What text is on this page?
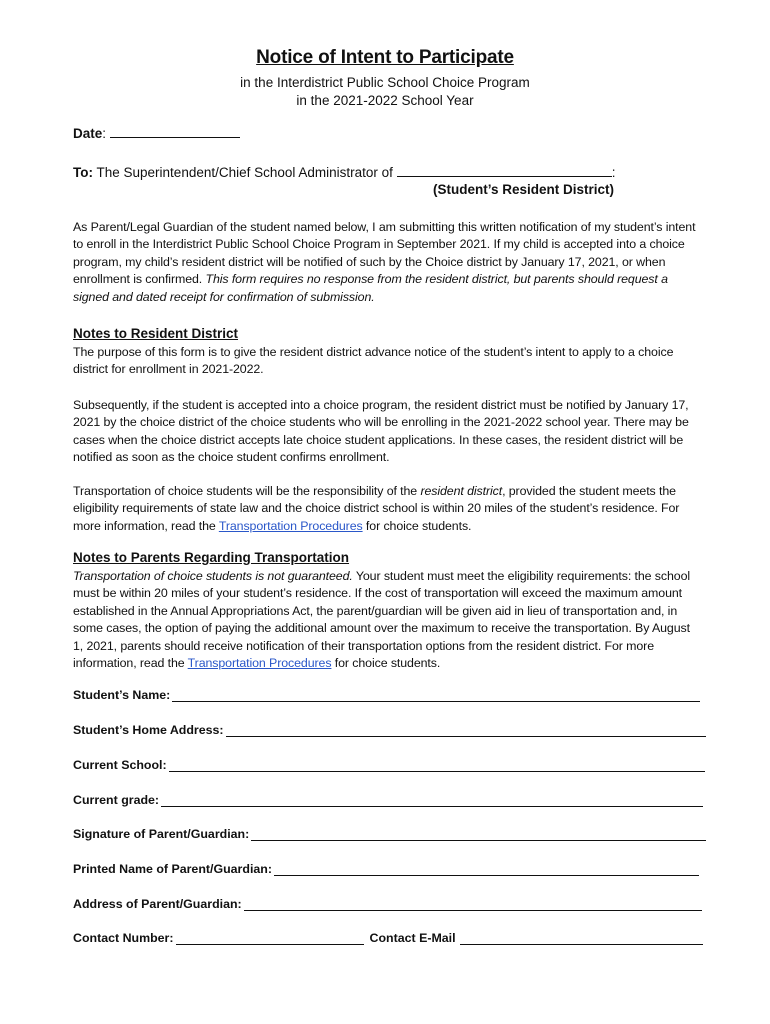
Notice of Intent to Participate
in the Interdistrict Public School Choice Program
in the 2021-2022 School Year
Date:
To: The Superintendent/Chief School Administrator of	:
(Student’s Resident District)
As Parent/Legal Guardian of the student named below, I am submitting this written notification of my student’s intent to enroll in the Interdistrict Public School Choice Program in September 2021. If my child is accepted into a choice program, my child’s resident district will be notified of such by the Choice district by January 17, 2021, or when enrollment is confirmed. This form requires no response from the resident district, but parents should request a signed and dated receipt for confirmation of submission.
Notes to Resident District
The purpose of this form is to give the resident district advance notice of the student’s intent to apply to a choice district for enrollment in 2021-2022.
Subsequently, if the student is accepted into a choice program, the resident district must be notified by January 17, 2021 by the choice district of the choice students who will be enrolling in the 2021-2022 school year. There may be cases when the choice district accepts late choice student applications. In these cases, the resident district will be notified as soon as the choice student confirms enrollment.
Transportation of choice students will be the responsibility of the resident district, provided the student meets the eligibility requirements of state law and the choice district school is within 20 miles of the student’s residence. For more information, read the Transportation Procedures for choice students.
Notes to Parents Regarding Transportation
Transportation of choice students is not guaranteed. Your student must meet the eligibility requirements: the school must be within 20 miles of your student’s residence. If the cost of transportation will exceed the maximum amount established in the Annual Appropriations Act, the parent/guardian will be given aid in lieu of transportation and, in some cases, the option of paying the additional amount over the maximum to receive the transportation. By August 1, 2021, parents should receive notification of their transportation options from the resident district. For more information, read the Transportation Procedures for choice students.
Student’s Name:
Student’s Home Address:
Current School:
Current grade:
Signature of Parent/Guardian:
Printed Name of Parent/Guardian:
Address of Parent/Guardian:
Contact Number:	Contact E-Mail
